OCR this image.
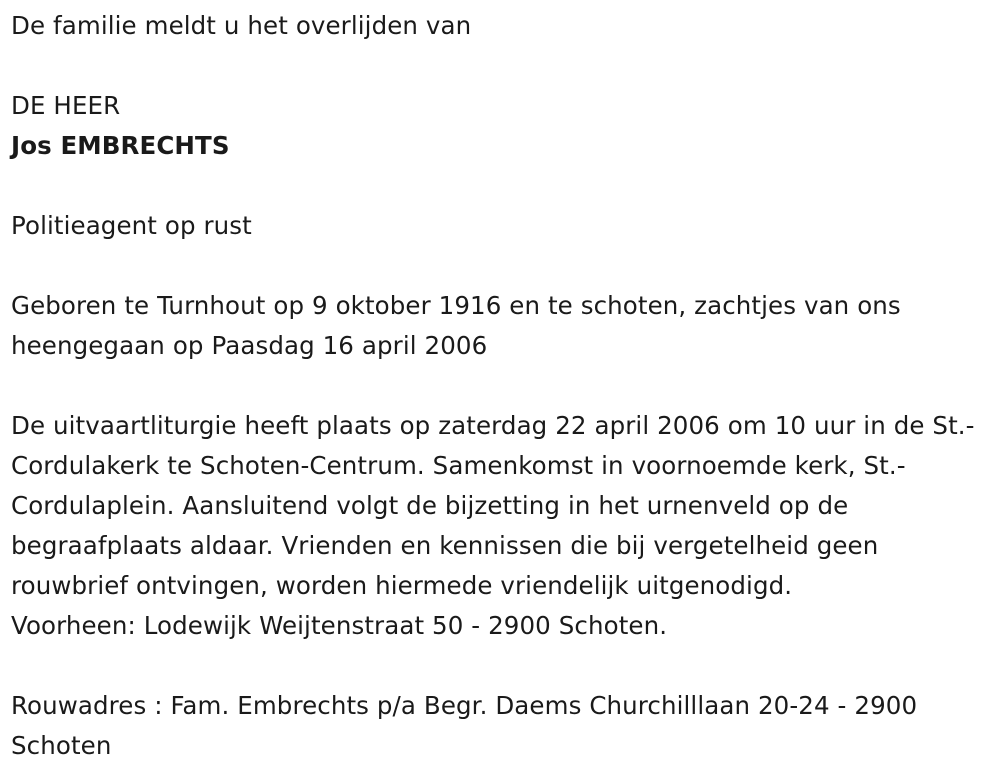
De familie meldt u het overlijden van

DE HEER

Jos EMBRECHTS

Politieagent op rust

Geboren te Turnhout op 9 oktober 1916 en te schoten, zachtjes van ons heengegaan op Paasdag 16 april 2006

De uitvaartliturgie heeft plaats op zaterdag 22 april 2006 om 10 uur in de St.-Cordulakerk te Schoten-Centrum. Samenkomst in voornoemde kerk, St.-Cordulaplein. Aansluitend volgt de bijzetting in het urnenveld op de begraafplaats aldaar. Vrienden en kennissen die bij vergetelheid geen rouwbrief ontvingen, worden hiermede vriendelijk uitgenodigd.

Voorheen: Lodewijk Weijtenstraat 50 - 2900 Schoten.

Rouwadres : Fam. Embrechts p/a Begr. Daems Churchilllaan 20-24 - 2900 Schoten
